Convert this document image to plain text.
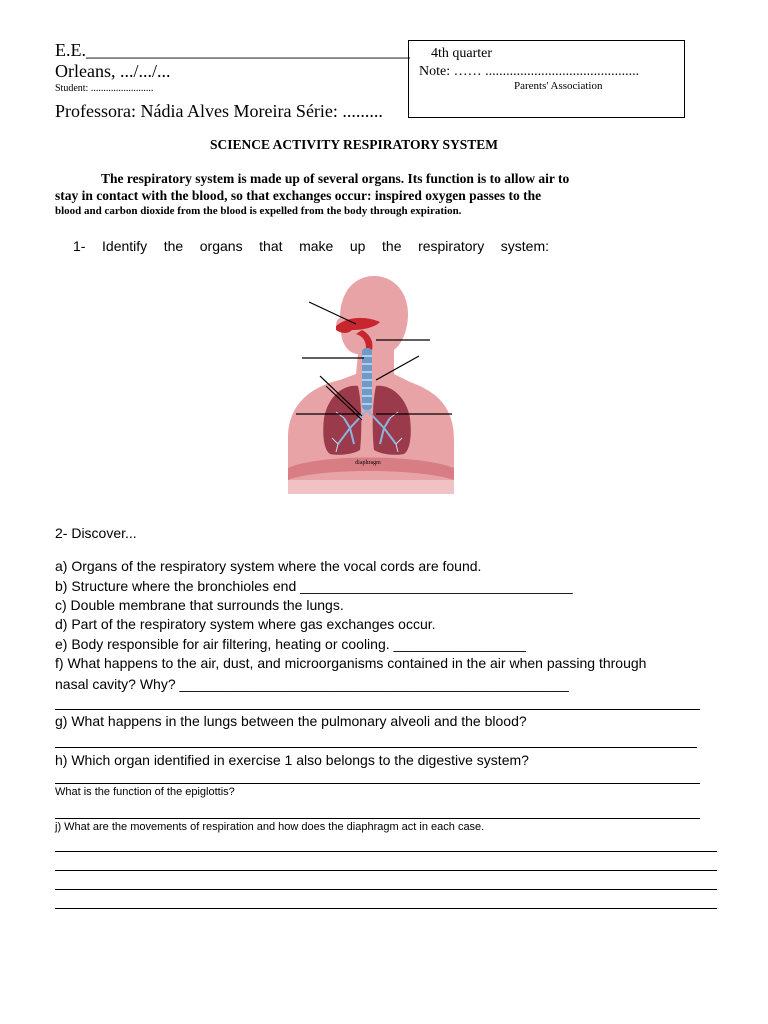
E.E.____________________________________
Orleans, .../.../...
Student: .........................
Professora: Nádia Alves Moreira Série: .........
4th quarter
Note: …… ............................................
Parents' Association
SCIENCE ACTIVITY RESPIRATORY SYSTEM
The respiratory system is made up of several organs. Its function is to allow air to
stay in contact with the blood, so that exchanges occur: inspired oxygen passes to the
blood and carbon dioxide from the blood is expelled from the body through expiration.
1- Identify the organs that make up the respiratory system:
diaphragm
2- Discover...
a) Organs of the respiratory system where the vocal cords are found.
b) Structure where the bronchioles end ___________________________________
c) Double membrane that surrounds the lungs.
d) Part of the respiratory system where gas exchanges occur.
e) Body responsible for air filtering, heating or cooling. _________________
f) What happens to the air, dust, and microorganisms contained in the air when passing through
nasal cavity? Why? __________________________________________________
g) What happens in the lungs between the pulmonary alveoli and the blood?
h) Which organ identified in exercise 1 also belongs to the digestive system?
What is the function of the epiglottis?
j) What are the movements of respiration and how does the diaphragm act in each case.
